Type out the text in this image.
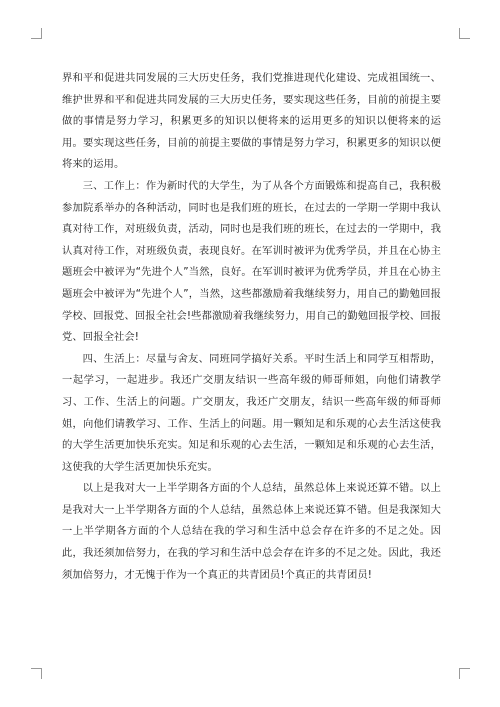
界和平和促进共同发展的三大历史任务，我们党推进现代化建设、完成祖国统一、维护世界和平和促进共同发展的三大历史任务，要实现这些任务，目前的前提主要做的事情是努力学习，积累更多的知识以便将来的运用更多的知识以便将来的运用。要实现这些任务，目前的前提主要做的事情是努力学习，积累更多的知识以便将来的运用。

三、工作上：作为新时代的大学生，为了从各个方面锻炼和提高自己，我积极参加院系举办的各种活动，同时也是我们班的班长，在过去的一学期一学期中我认真对待工作，对班级负责，活动，同时也是我们班的班长，在过去的一学期中，我认真对待工作，对班级负责，表现良好。在军训时被评为优秀学员，并且在心协主题班会中被评为“先进个人”当然，良好。在军训时被评为优秀学员，并且在心协主题班会中被评为“先进个人”，当然，这些都激励着我继续努力，用自己的勤勉回报学校、回报党、回报全社会!些都激励着我继续努力，用自己的勤勉回报学校、回报党、回报全社会!

四、生活上：尽量与舍友、同班同学搞好关系。平时生活上和同学互相帮助，一起学习，一起进步。我还广交朋友结识一些高年级的师哥师姐，向他们请教学习、工作、生活上的问题。广交朋友，我还广交朋友，结识一些高年级的师哥师姐，向他们请教学习、工作、生活上的问题。用一颗知足和乐观的心去生活这使我的大学生活更加快乐充实。知足和乐观的心去生活，一颗知足和乐观的心去生活，这使我的大学生活更加快乐充实。

以上是我对大一上半学期各方面的个人总结，虽然总体上来说还算不错。以上是我对大一上半学期各方面的个人总结，虽然总体上来说还算不错。但是我深知大一上半学期各方面的个人总结在我的学习和生活中总会存在许多的不足之处。因此，我还须加倍努力，在我的学习和生活中总会存在许多的不足之处。因此，我还须加倍努力，才无愧于作为一个真正的共青团员!个真正的共青团员!
